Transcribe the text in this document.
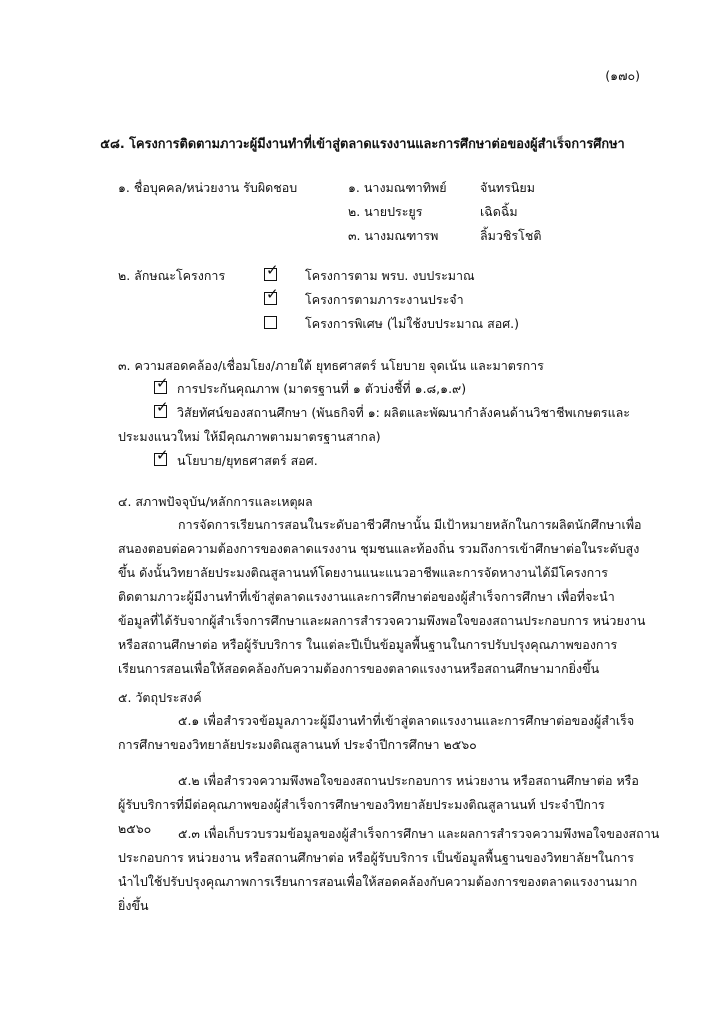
(๑๗๐)
๕๘. โครงการติดตามภาวะผู้มีงานทำที่เข้าสู่ตลาดแรงงานและการศึกษาต่อของผู้สำเร็จการศึกษา
๑. ชื่อบุคคล/หน่วยงาน รับผิดชอบ	๑. นางมณฑาทิพย์	จันทรนิยม
๒. นายประยูร	เฉิดฉิ้ม
๓. นางมณฑารพ	ลิ้มวชิรโชติ
๒. ลักษณะโครงการ	✓ โครงการตาม พรบ. งบประมาณ
✓ โครงการตามภาระงานประจำ
โครงการพิเศษ (ไม่ใช้งบประมาณ สอศ.)
๓. ความสอดคล้อง/เชื่อมโยง/ภายใต้ ยุทธศาสตร์ นโยบาย จุดเน้น และมาตรการ
✓ การประกันคุณภาพ (มาตรฐานที่ ๑ ตัวบ่งชี้ที่ ๑.๘,๑.๙)
✓ วิสัยทัศน์ของสถานศึกษา (พันธกิจที่ ๑: ผลิตและพัฒนากำลังคนด้านวิชาชีพเกษตรและ
ประมงแนวใหม่ ให้มีคุณภาพตามมาตรฐานสากล)
✓ นโยบาย/ยุทธศาสตร์ สอศ.
๔. สภาพปัจจุบัน/หลักการและเหตุผล
การจัดการเรียนการสอนในระดับอาชีวศึกษานั้น มีเป้าหมายหลักในการผลิตนักศึกษาเพื่อ
สนองตอบต่อความต้องการของตลาดแรงงาน ชุมชนและท้องถิ่น รวมถึงการเข้าศึกษาต่อในระดับสูง
ขึ้น ดังนั้นวิทยาลัยประมงติณสูลานนท์โดยงานแนะแนวอาชีพและการจัดหางานได้มีโครงการ
ติดตามภาวะผู้มีงานทำที่เข้าสู่ตลาดแรงงานและการศึกษาต่อของผู้สำเร็จการศึกษา เพื่อที่จะนำ
ข้อมูลที่ได้รับจากผู้สำเร็จการศึกษาและผลการสำรวจความพึงพอใจของสถานประกอบการ หน่วยงาน
หรือสถานศึกษาต่อ หรือผู้รับบริการ ในแต่ละปีเป็นข้อมูลพื้นฐานในการปรับปรุงคุณภาพของการ
เรียนการสอนเพื่อให้สอดคล้องกับความต้องการของตลาดแรงงานหรือสถานศึกษามากยิ่งขึ้น
๕. วัตถุประสงค์
๕.๑ เพื่อสำรวจข้อมูลภาวะผู้มีงานทำที่เข้าสู่ตลาดแรงงานและการศึกษาต่อของผู้สำเร็จ
การศึกษาของวิทยาลัยประมงติณสูลานนท์ ประจำปีการศึกษา ๒๕๖๐
๕.๒ เพื่อสำรวจความพึงพอใจของสถานประกอบการ หน่วยงาน หรือสถานศึกษาต่อ หรือ
ผู้รับบริการที่มีต่อคุณภาพของผู้สำเร็จการศึกษาของวิทยาลัยประมงติณสูลานนท์ ประจำปีการ
๒๕๖๐	๕.๓ เพื่อเก็บรวบรวมข้อมูลของผู้สำเร็จการศึกษา และผลการสำรวจความพึงพอใจของสถาน
ประกอบการ หน่วยงาน หรือสถานศึกษาต่อ หรือผู้รับบริการ เป็นข้อมูลพื้นฐานของวิทยาลัยฯในการ
นำไปใช้ปรับปรุงคุณภาพการเรียนการสอนเพื่อให้สอดคล้องกับความต้องการของตลาดแรงงานมาก
ยิ่งขึ้น
